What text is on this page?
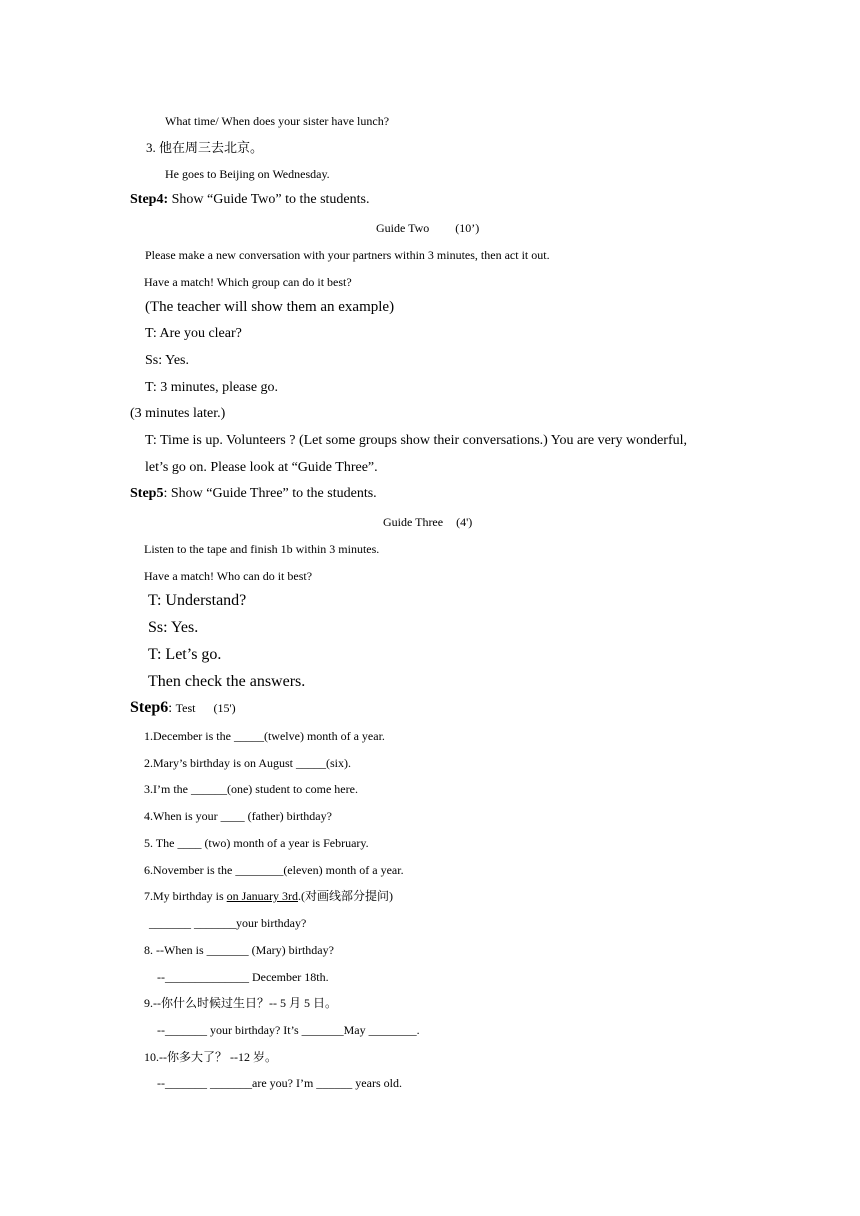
What time/ When does your sister have lunch?
3. 他在周三去北京。
He goes to Beijing on Wednesday.
Step4: Show “Guide Two” to the students.
Guide Two (10’)
Please make a new conversation with your partners within 3 minutes, then act it out.
Have a match! Which group can do it best?
(The teacher will show them an example)
T: Are you clear?
Ss: Yes.
T: 3 minutes, please go.
(3 minutes later.)
T: Time is up. Volunteers ? (Let some groups show their conversations.) You are very wonderful,
let’s go on. Please look at “Guide Three”.
Step5: Show “Guide Three” to the students.
Guide Three (4')
Listen to the tape and finish 1b within 3 minutes.
Have a match! Who can do it best?
T: Understand?
Ss: Yes.
T: Let’s go.
Then check the answers.
Step6: Test (15')
1.December is the _____(twelve) month of a year.
2.Mary’s birthday is on August _____(six).
3.I’m the ______(one) student to come here.
4.When is your ____ (father) birthday?
5. The ____ (two) month of a year is February.
6.November is the ________(eleven) month of a year.
7.My birthday is on January 3rd.(对画线部分提问)
_______ _______your birthday?
8. --When is _______ (Mary) birthday?
--______________ December 18th.
9.--你什么时候过生日？-- 5 月 5 日。
--_______ your birthday? It’s _______May ________.
10.--你多大了？ --12 岁。
--_______ _______are you? I’m ______ years old.
